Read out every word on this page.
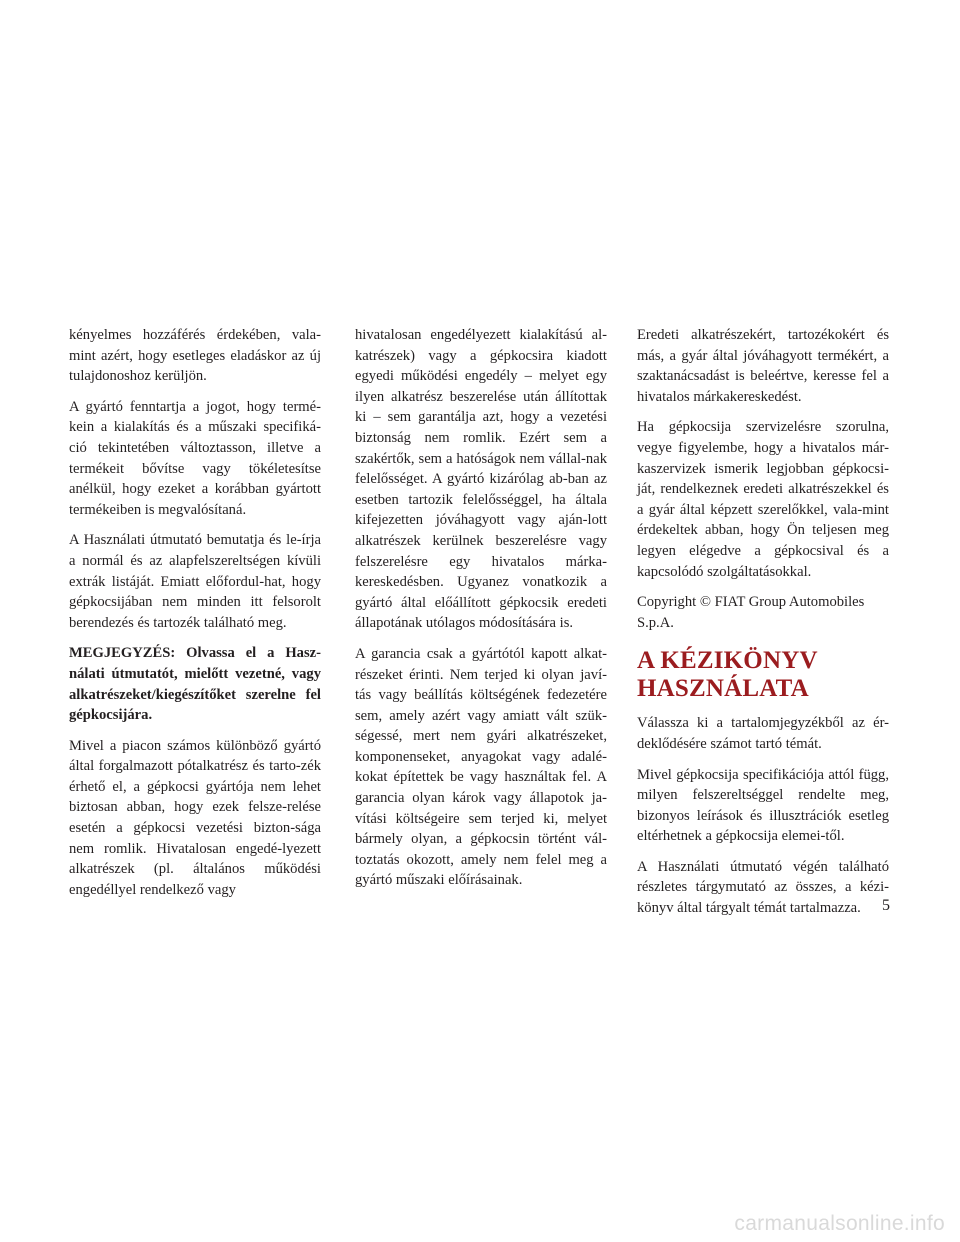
kényelmes hozzáférés érdekében, vala-mint azért, hogy esetleges eladáskor az új tulajdonoshoz kerüljön.

A gyártó fenntartja a jogot, hogy termé-kein a kialakítás és a műszaki specifiká-ció tekintetében változtasson, illetve a termékeit bővítse vagy tökéletesítse anélkül, hogy ezeket a korábban gyártott termékeiben is megvalósítaná.

A Használati útmutató bemutatja és le-írja a normál és az alapfelszereltségen kívüli extrák listáját. Emiatt előfordul-hat, hogy gépkocsijában nem minden itt felsorolt berendezés és tartozék található meg.

MEGJEGYZÉS: Olvassa el a Hasz-nálati útmutatót, mielőtt vezetné, vagy alkatrészeket/kiegészítőket szerelne fel gépkocsijára.

Mivel a piacon számos különböző gyártó által forgalmazott pótalkatrész és tarto-zék érhető el, a gépkocsi gyártója nem lehet biztosan abban, hogy ezek felsze-relése esetén a gépkocsi vezetési bizton-sága nem romlik. Hivatalosan engedé-lyezett alkatrészek (pl. általános működési engedéllyel rendelkező vagy

hivatalosan engedélyezett kialakítású al-katrészek) vagy a gépkocsira kiadott egyedi működési engedély – melyet egy ilyen alkatrész beszerelése után állítottak ki – sem garantálja azt, hogy a vezetési biztonság nem romlik. Ezért sem a szakértők, sem a hatóságok nem vállal-nak felelősséget. A gyártó kizárólag ab-ban az esetben tartozik felelősséggel, ha általa kifejezetten jóváhagyott vagy aján-lott alkatrészek kerülnek beszerelésre vagy felszerelésre egy hivatalos márka-kereskedésben. Ugyanez vonatkozik a gyártó által előállított gépkocsik eredeti állapotának utólagos módosítására is.

A garancia csak a gyártótól kapott alkat-részeket érinti. Nem terjed ki olyan javí-tás vagy beállítás költségének fedezetére sem, amely azért vagy amiatt vált szük-ségessé, mert nem gyári alkatrészeket, komponenseket, anyagokat vagy adalé-kokat építettek be vagy használtak fel. A garancia olyan károk vagy állapotok ja-vítási költségeire sem terjed ki, melyet bármely olyan, a gépkocsin történt vál-toztatás okozott, amely nem felel meg a gyártó műszaki előírásainak.

Eredeti alkatrészekért, tartozékokért és más, a gyár által jóváhagyott termékért, a szaktanácsadást is beleértve, keresse fel a hivatalos márkakereskedést.

Ha gépkocsija szervizelésre szorulna, vegye figyelembe, hogy a hivatalos már-kaszervizek ismerik legjobban gépkocsi-ját, rendelkeznek eredeti alkatrészekkel és a gyár által képzett szerelőkkel, vala-mint érdekeltek abban, hogy Ön teljesen meg legyen elégedve a gépkocsival és a kapcsolódó szolgáltatásokkal.

Copyright © FIAT Group Automobiles S.p.A.

A KÉZIKÖNYV HASZNÁLATA

Válassza ki a tartalomjegyzékből az ér-deklődésére számot tartó témát.

Mivel gépkocsija specifikációja attól függ, milyen felszereltséggel rendelte meg, bizonyos leírások és illusztrációk esetleg eltérhetnek a gépkocsija elemei-től.

A Használati útmutató végén található részletes tárgymutató az összes, a kézi-könyv által tárgyalt témát tartalmazza.	5
carmanualsonline.info
